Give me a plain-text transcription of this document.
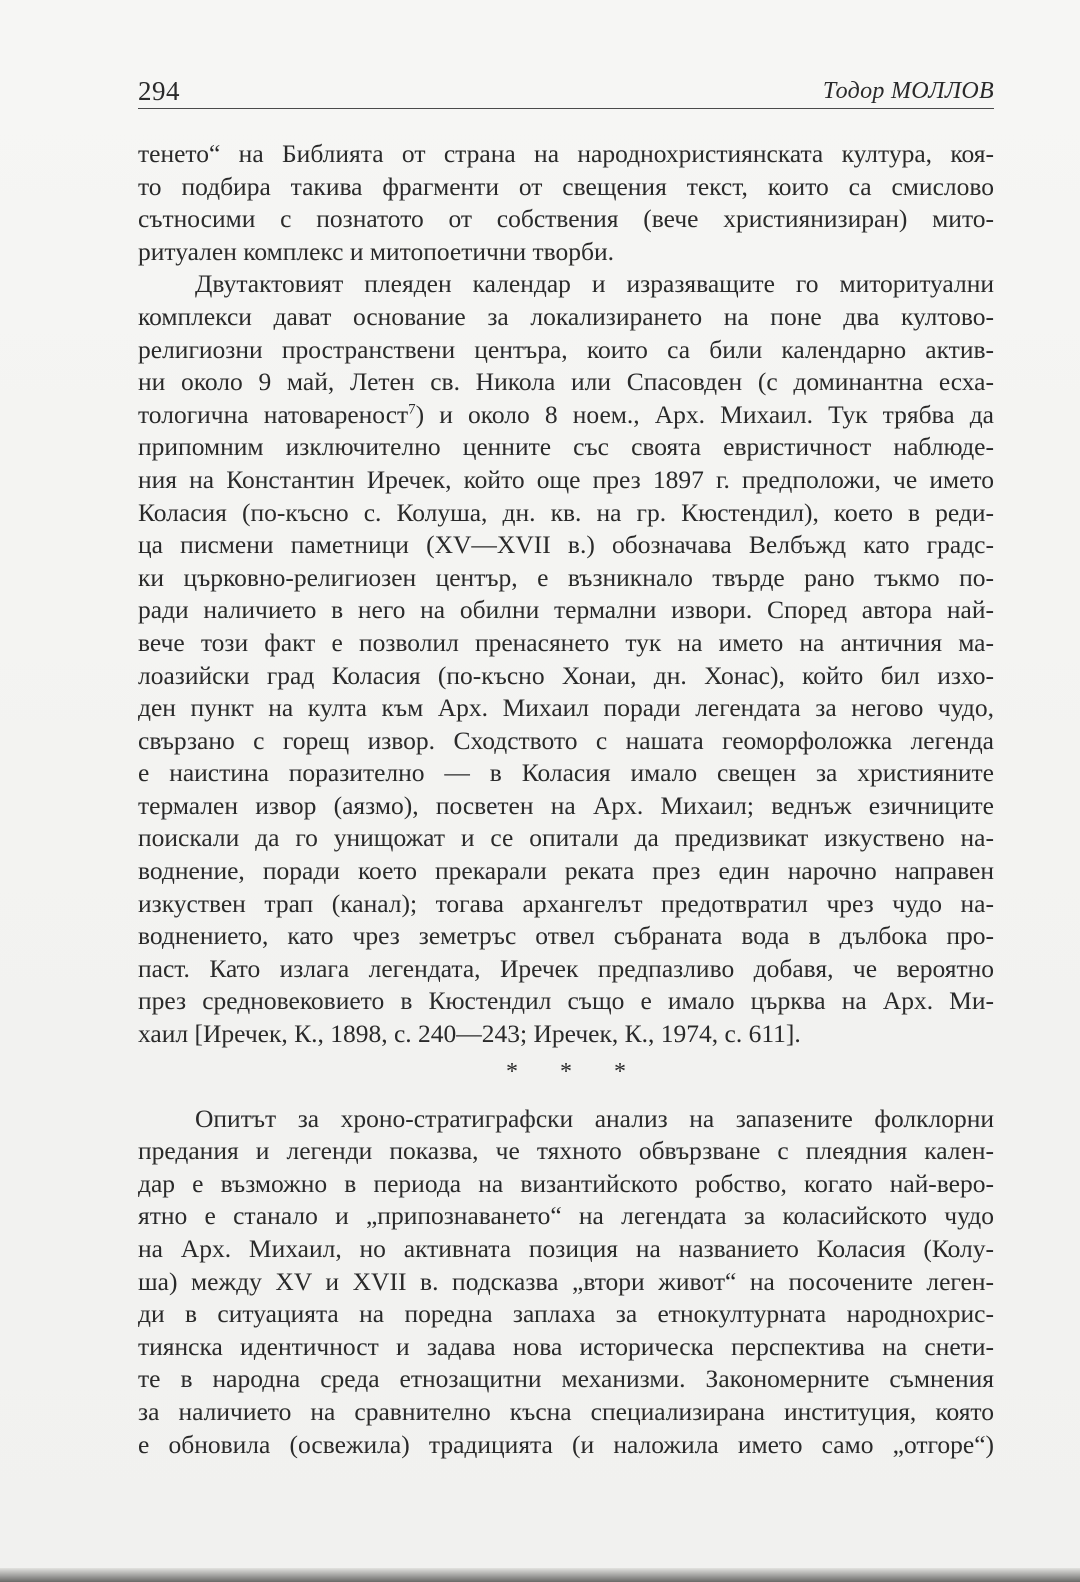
294	Тодор МОЛЛОВ
тенето“ на Библията от страна на народнохристиянската култура, коя-
то подбира такива фрагменти от свещения текст, които са смислово
сътносими с познатото от собствения (вече християнизиран) мито-
ритуален комплекс и митопоетични творби.
Двутактовият плеяден календар и изразяващите го миторитуални
комплекси дават основание за локализирането на поне два култово-
религиозни пространствени центъра, които са били календарно актив-
ни около 9 май, Летен св. Никола или Спасовден (с доминантна есха-
тологична натовареност$^7$) и около 8 ноем., Арх. Михаил. Тук трябва да
припомним изключително ценните със своята евристичност наблюде-
ния на Константин Иречек, който още през 1897 г. предположи, че името
Коласия (по-късно с. Колуша, дн. кв. на гр. Кюстендил), което в реди-
ца писмени паметници (XV—XVII в.) обозначава Велбъжд като градс-
ки църковно-религиозен център, е възникнало твърде рано тъкмо по-
ради наличието в него на обилни термални извори. Според автора най-
вече този факт е позволил пренасянето тук на името на античния ма-
лоазийски град Коласия (по-късно Хонаи, дн. Хонас), който бил изхо-
ден пункт на култа към Арх. Михаил поради легендата за негово чудо,
свързано с горещ извор. Сходството с нашата геоморфоложка легенда
е наистина поразително — в Коласия имало свещен за християните
термален извор (аязмо), посветен на Арх. Михаил; веднъж езичниците
поискали да го унищожат и се опитали да предизвикат изкуствено на-
воднение, поради което прекарали реката през един нарочно направен
изкуствен трап (канал); тогава архангелът предотвратил чрез чудо на-
воднението, като чрез земетръс отвел събраната вода в дълбока про-
паст. Като излага легендата, Иречек предпазливо добавя, че вероятно
през средновековието в Кюстендил също е имало църква на Арх. Ми-
хаил [Иречек, К., 1898, с. 240—243; Иречек, К., 1974, с. 611].
* * *
Опитът за хроно-стратиграфски анализ на запазените фолклорни
предания и легенди показва, че тяхното обвързване с плеядния кален-
дар е възможно в периода на византийското робство, когато най-веро-
ятно е станало и „припознаването“ на легендата за коласийското чудо
на Арх. Михаил, но активната позиция на названието Коласия (Колу-
ша) между XV и XVII в. подсказва „втори живот“ на посочените леген-
ди в ситуацията на поредна заплаха за етнокултурната народнохрис-
тиянска идентичност и задава нова историческа перспектива на снети-
те в народна среда етнозащитни механизми. Закономерните съмнения
за наличието на сравнително късна специализирана институция, която
е обновила (освежила) традицията (и наложила името само „отгоре“)
